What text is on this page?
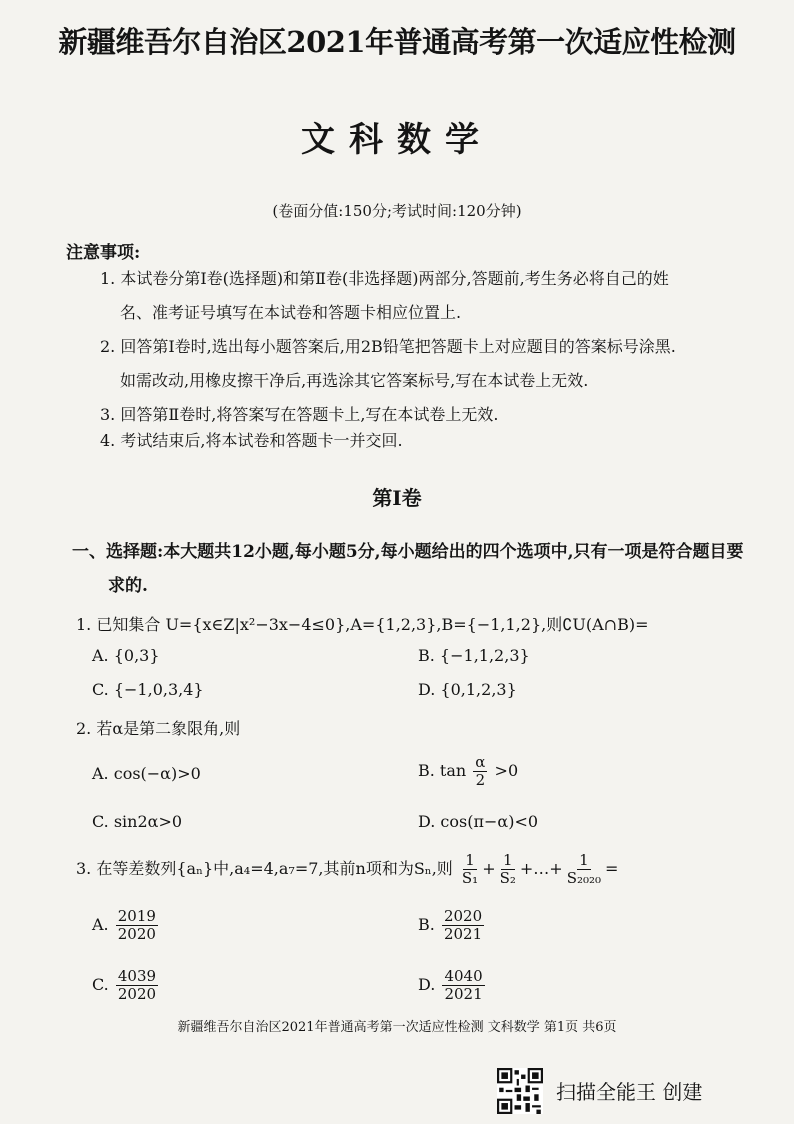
新疆维吾尔自治区2021年普通高考第一次适应性检测
文科数学
(卷面分值:150分;考试时间:120分钟)
注意事项:
1. 本试卷分第Ⅰ卷(选择题)和第Ⅱ卷(非选择题)两部分,答题前,考生务必将自己的姓
名、准考证号填写在本试卷和答题卡相应位置上.
2. 回答第Ⅰ卷时,选出每小题答案后,用2B铅笔把答题卡上对应题目的答案标号涂黑.
如需改动,用橡皮擦干净后,再选涂其它答案标号,写在本试卷上无效.
3. 回答第Ⅱ卷时,将答案写在答题卡上,写在本试卷上无效.
4. 考试结束后,将本试卷和答题卡一并交回.
第Ⅰ卷
一、选择题:本大题共12小题,每小题5分,每小题给出的四个选项中,只有一项是符合题目要
求的.
1. 已知集合 U={x∈Z|x²−3x−4≤0},A={1,2,3},B={−1,1,2},则∁U(A∩B)=
A. {0,3}	B. {−1,1,2,3}
C. {−1,0,3,4}	D. {0,1,2,3}
2. 若α是第二象限角,则
A. cos(−α)>0	B. $\tan \frac{\alpha}{2} >0$
C. sin2α>0	D. cos(π−α)<0
3. 在等差数列{aₙ}中,a₄=4,a₇=7,其前n项和为Sₙ,则 $\frac{1}{\text{S₁}} + \frac{1}{\text{S₂}}$ +…+ $\frac{1}{\text{S₂₀₂₀}}$ =
A. $\frac{2019}{2020}$	B. $\frac{2020}{2021}$
C. $\frac{4039}{2020}$	D. $\frac{4040}{2021}$
新疆维吾尔自治区2021年普通高考第一次适应性检测 文科数学 第1页 共6页
扫描全能王 创建
